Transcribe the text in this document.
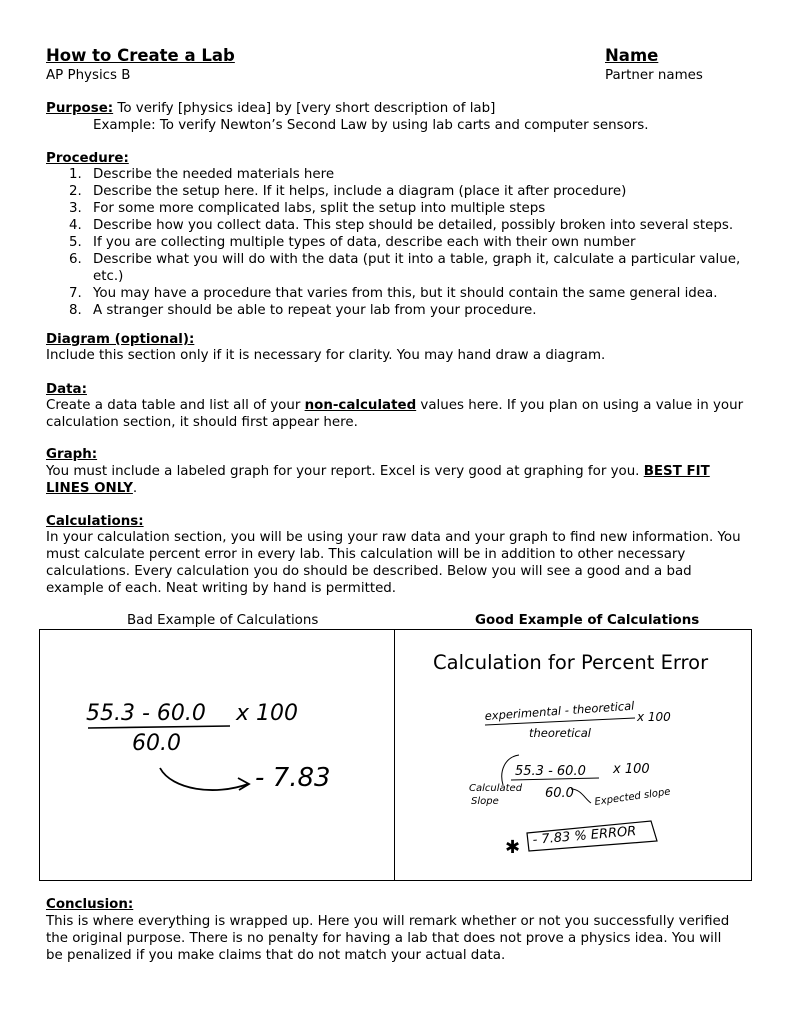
How to Create a Lab
AP Physics B
Name
Partner names
Purpose: To verify [physics idea] by [very short description of lab]
Example: To verify Newton’s Second Law by using lab carts and computer sensors.
Procedure:
1. Describe the needed materials here
2. Describe the setup here. If it helps, include a diagram (place it after procedure)
3. For some more complicated labs, split the setup into multiple steps
4. Describe how you collect data. This step should be detailed, possibly broken into several steps.
5. If you are collecting multiple types of data, describe each with their own number
6. Describe what you will do with the data (put it into a table, graph it, calculate a particular value,
etc.)
7. You may have a procedure that varies from this, but it should contain the same general idea.
8. A stranger should be able to repeat your lab from your procedure.
Diagram (optional):
Include this section only if it is necessary for clarity. You may hand draw a diagram.
Data:
Create a data table and list all of your non-calculated values here. If you plan on using a value in your calculation section, it should first appear here.
Graph:
You must include a labeled graph for your report. Excel is very good at graphing for you. BEST FIT LINES ONLY.
Calculations:
In your calculation section, you will be using your raw data and your graph to find new information. You must calculate percent error in every lab. This calculation will be in addition to other necessary calculations. Every calculation you do should be described. Below you will see a good and a bad example of each. Neat writing by hand is permitted.
Bad Example of Calculations	Good Example of Calculations
55.3 - 60.0 x 100
60.0
- 7.83
Calculation for Percent Error
experimental - theoretical x 100
theoretical
55.3 - 60.0 x 100
Calculated
Slope
60.0 Expected slope
✱ - 7.83 % ERROR
Conclusion:
This is where everything is wrapped up. Here you will remark whether or not you successfully verified the original purpose. There is no penalty for having a lab that does not prove a physics idea. You will be penalized if you make claims that do not match your actual data.
